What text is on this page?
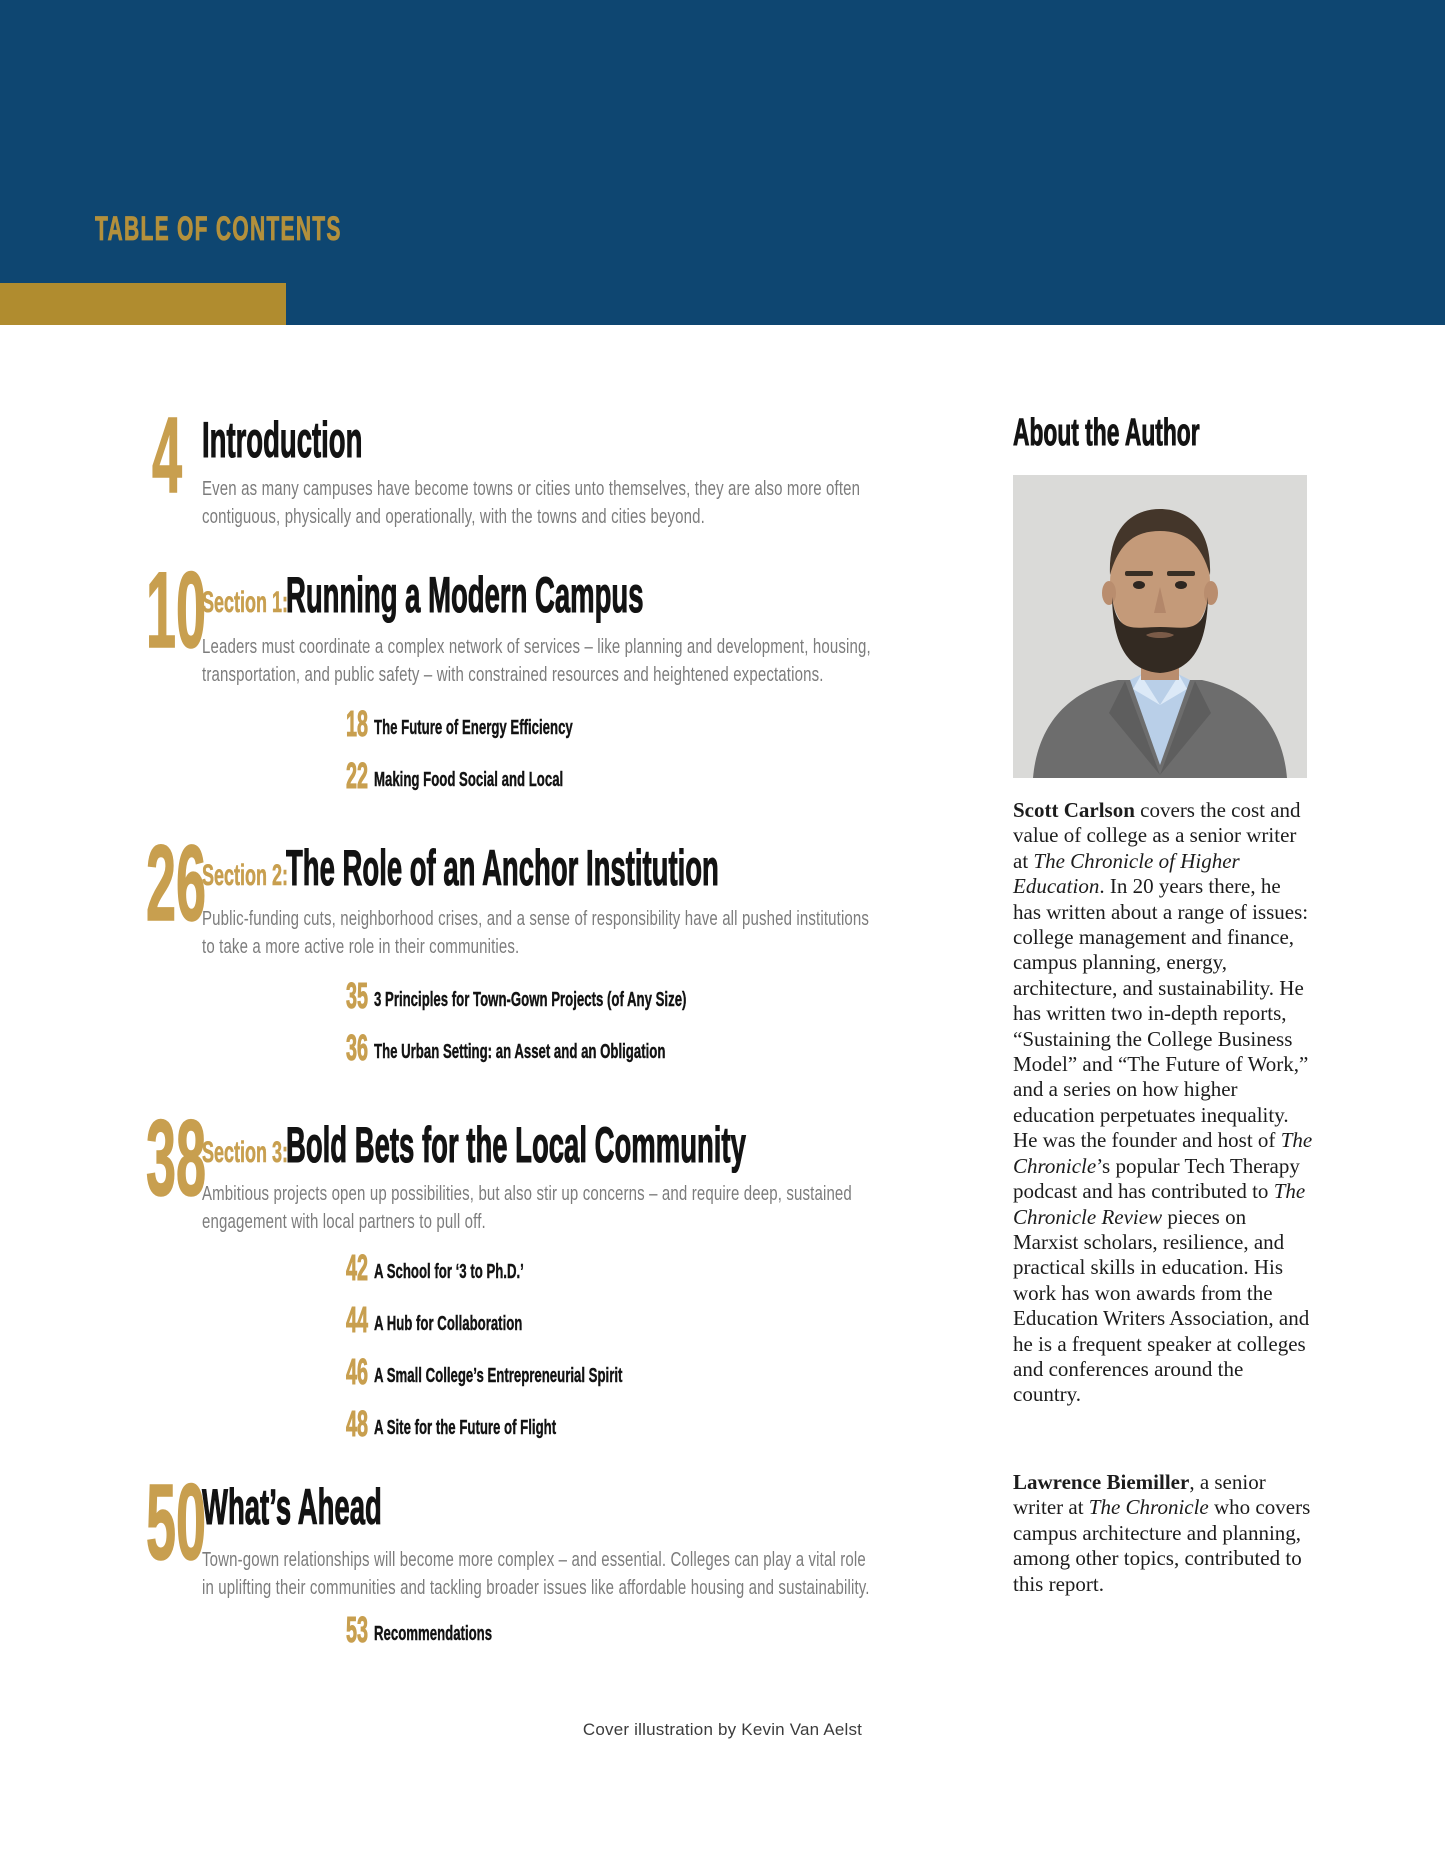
TABLE OF CONTENTS
4 Introduction
Even as many campuses have become towns or cities unto themselves, they are also more often
contiguous, physically and operationally, with the towns and cities beyond.
10
Section 1:
Running a Modern Campus
Leaders must coordinate a complex network of services – like planning and development, housing,
transportation, and public safety – with constrained resources and heightened expectations.
18 The Future of Energy Efficiency
22 Making Food Social and Local
26
Section 2:
The Role of an Anchor Institution
Public-funding cuts, neighborhood crises, and a sense of responsibility have all pushed institutions
to take a more active role in their communities.
35 3 Principles for Town-Gown Projects (of Any Size)
36 The Urban Setting: an Asset and an Obligation
38
Section 3:
Bold Bets for the Local Community
Ambitious projects open up possibilities, but also stir up concerns – and require deep, sustained
engagement with local partners to pull off.
42 A School for ‘3 to Ph.D.’
44 A Hub for Collaboration
46 A Small College’s Entrepreneurial Spirit
48 A Site for the Future of Flight
50
What’s Ahead
Town-gown relationships will become more complex – and essential. Colleges can play a vital role
in uplifting their communities and tackling broader issues like affordable housing and sustainability.
53 Recommendations
About the Author

Scott Carlson covers the cost and value of college as a senior writer at The Chronicle of Higher Education. In 20 years there, he has written about a range of issues: college management and finance, campus planning, energy, architecture, and sustainability. He has written two in-depth reports, “Sustaining the College Business Model” and “The Future of Work,” and a series on how higher education perpetuates inequality. He was the founder and host of The Chronicle’s popular Tech Therapy podcast and has contributed to The Chronicle Review pieces on Marxist scholars, resilience, and practical skills in education. His work has won awards from the Education Writers Association, and he is a frequent speaker at colleges and conferences around the country.

Lawrence Biemiller, a senior writer at The Chronicle who covers campus architecture and planning, among other topics, contributed to this report.

Cover illustration by Kevin Van Aelst
